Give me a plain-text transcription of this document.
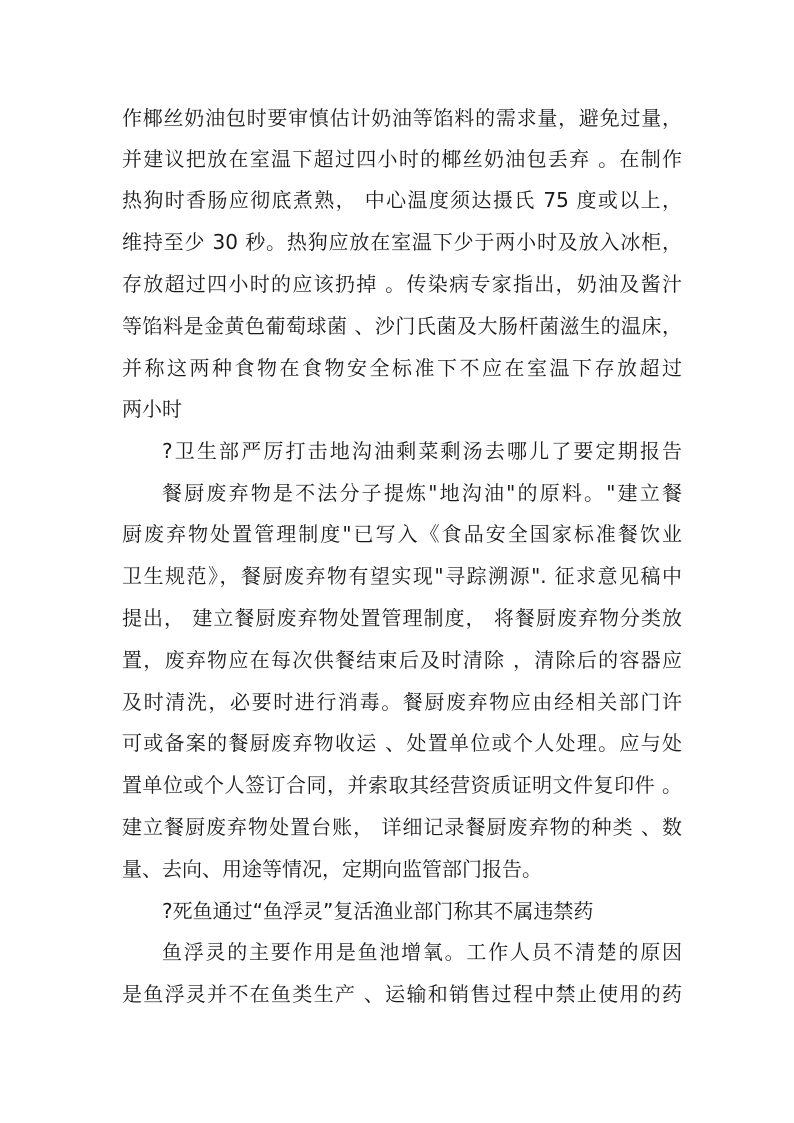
作椰丝奶油包时要审慎估计奶油等馅料的需求量，避免过量，
并建议把放在室温下超过四小时的椰丝奶油包丢弃 。在制作
热狗时香肠应彻底煮熟， 中心温度须达摄氏 75 度或以上，
维持至少 30 秒。热狗应放在室温下少于两小时及放入冰柜，
存放超过四小时的应该扔掉 。传染病专家指出，奶油及酱汁
等馅料是金黄色葡萄球菌 、沙门氏菌及大肠杆菌滋生的温床，
并称这两种食物在食物安全标准下不应在室温下存放超过
两小时
?卫生部严厉打击地沟油剩菜剩汤去哪儿了要定期报告
餐厨废弃物是不法分子提炼"地沟油"的原料。"建立餐
厨废弃物处置管理制度"已写入《食品安全国家标准餐饮业
卫生规范》，餐厨废弃物有望实现"寻踪溯源". 征求意见稿中
提出， 建立餐厨废弃物处置管理制度， 将餐厨废弃物分类放
置，废弃物应在每次供餐结束后及时清除 ，清除后的容器应
及时清洗，必要时进行消毒。餐厨废弃物应由经相关部门许
可或备案的餐厨废弃物收运 、处置单位或个人处理。应与处
置单位或个人签订合同，并索取其经营资质证明文件复印件 。
建立餐厨废弃物处置台账， 详细记录餐厨废弃物的种类 、数
量、去向、用途等情况，定期向监管部门报告。
?死鱼通过“鱼浮灵”复活渔业部门称其不属违禁药
鱼浮灵的主要作用是鱼池增氧。工作人员不清楚的原因
是鱼浮灵并不在鱼类生产 、运输和销售过程中禁止使用的药
